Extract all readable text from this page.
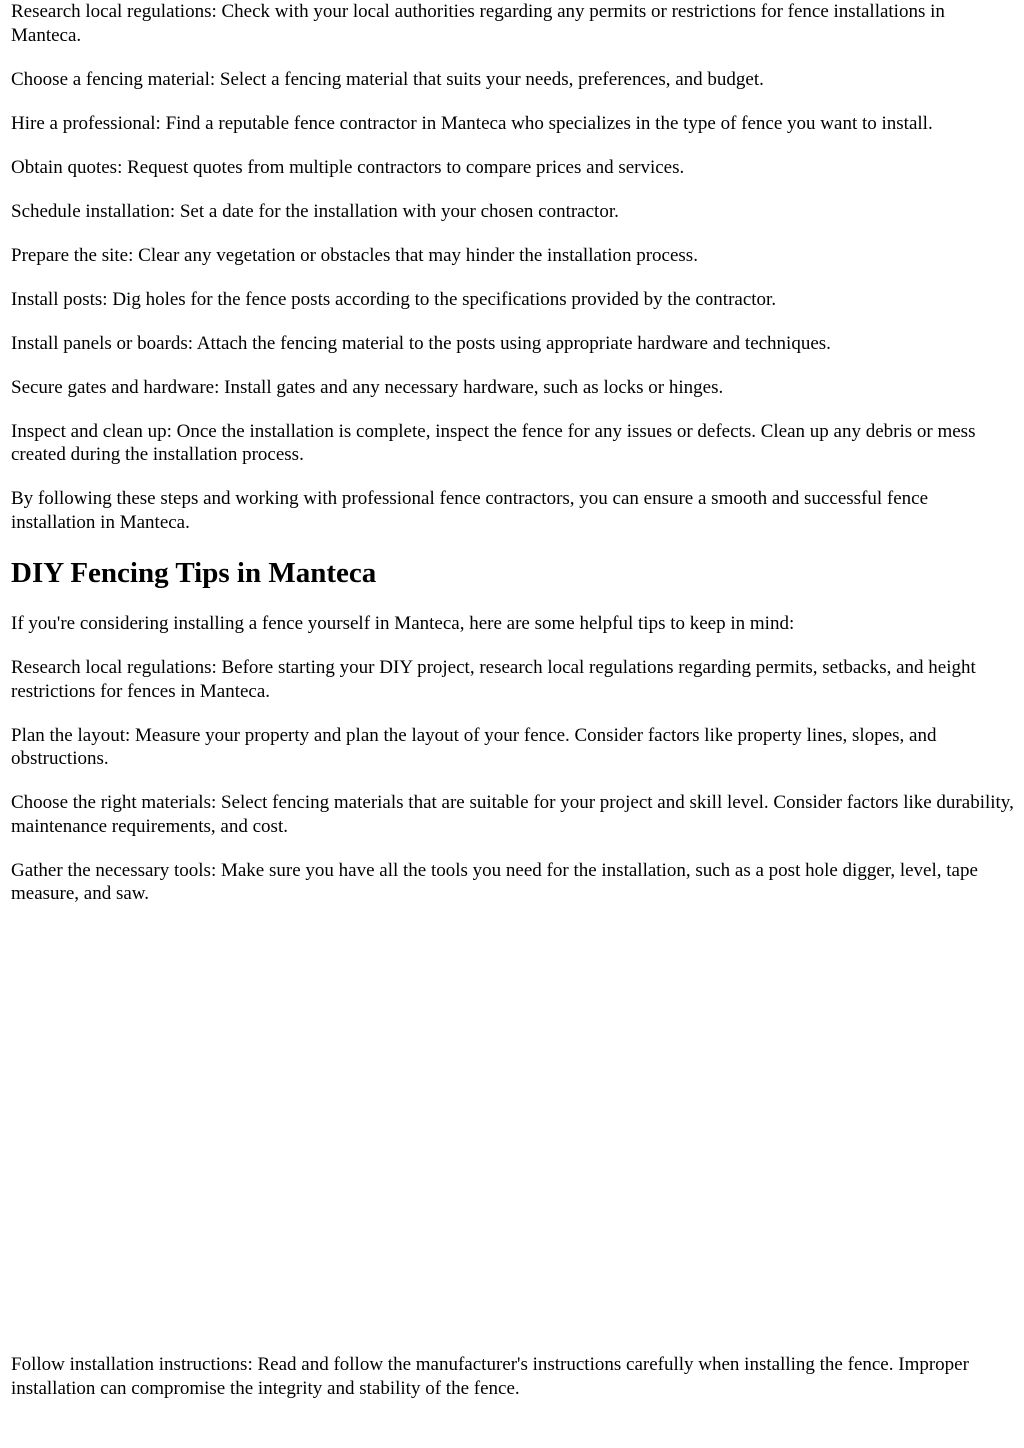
Research local regulations: Check with your local authorities regarding any permits or restrictions for fence installations in Manteca.

Choose a fencing material: Select a fencing material that suits your needs, preferences, and budget.

Hire a professional: Find a reputable fence contractor in Manteca who specializes in the type of fence you want to install.

Obtain quotes: Request quotes from multiple contractors to compare prices and services.

Schedule installation: Set a date for the installation with your chosen contractor.

Prepare the site: Clear any vegetation or obstacles that may hinder the installation process.

Install posts: Dig holes for the fence posts according to the specifications provided by the contractor.

Install panels or boards: Attach the fencing material to the posts using appropriate hardware and techniques.

Secure gates and hardware: Install gates and any necessary hardware, such as locks or hinges.

Inspect and clean up: Once the installation is complete, inspect the fence for any issues or defects. Clean up any debris or mess created during the installation process.

By following these steps and working with professional fence contractors, you can ensure a smooth and successful fence installation in Manteca.

DIY Fencing Tips in Manteca

If you're considering installing a fence yourself in Manteca, here are some helpful tips to keep in mind:

Research local regulations: Before starting your DIY project, research local regulations regarding permits, setbacks, and height restrictions for fences in Manteca.

Plan the layout: Measure your property and plan the layout of your fence. Consider factors like property lines, slopes, and obstructions.

Choose the right materials: Select fencing materials that are suitable for your project and skill level. Consider factors like durability, maintenance requirements, and cost.

Gather the necessary tools: Make sure you have all the tools you need for the installation, such as a post hole digger, level, tape measure, and saw.

Follow installation instructions: Read and follow the manufacturer's instructions carefully when installing the fence. Improper installation can compromise the integrity and stability of the fence.
